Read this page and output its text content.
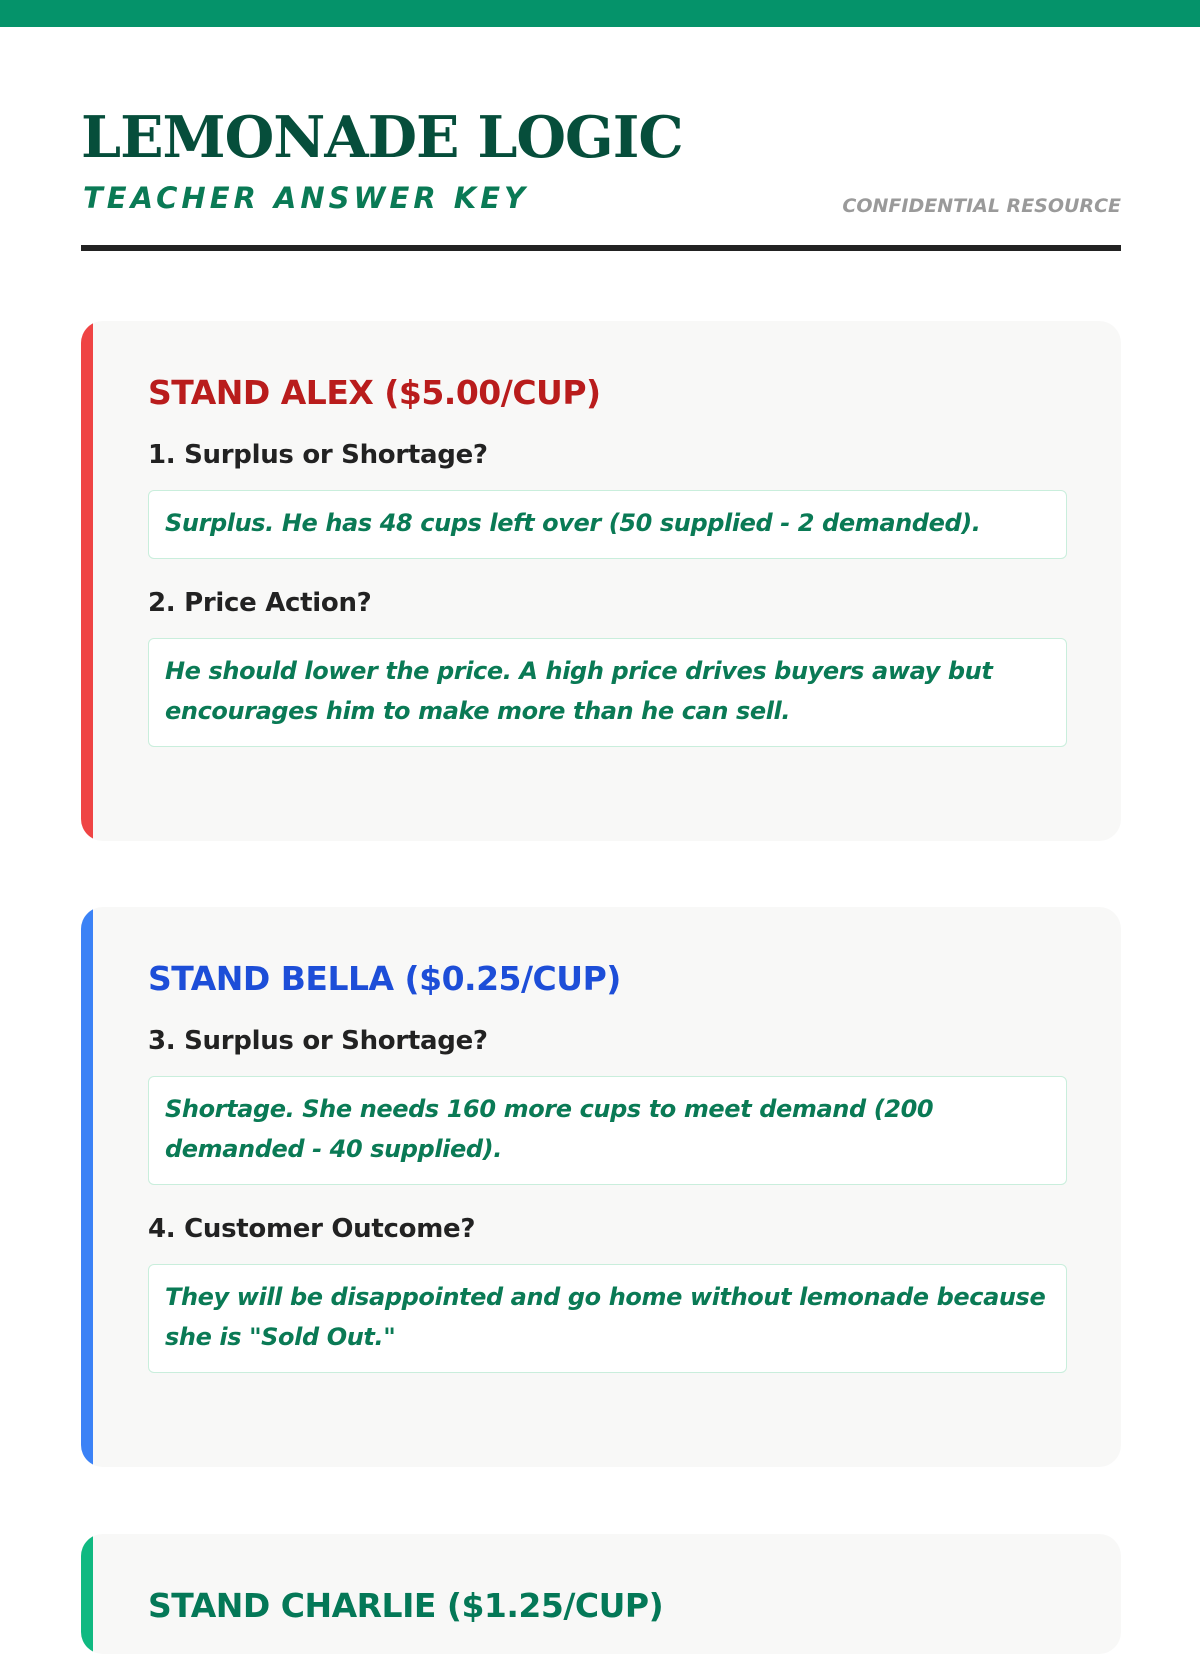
LEMONADE LOGIC
TEACHER ANSWER KEY	CONFIDENTIAL RESOURCE
STAND ALEX ($5.00/CUP)
1. Surplus or Shortage?
Surplus. He has 48 cups left over (50 supplied - 2 demanded).
2. Price Action?
He should lower the price. A high price drives buyers away but encourages him to make more than he can sell.
STAND BELLA ($0.25/CUP)
3. Surplus or Shortage?
Shortage. She needs 160 more cups to meet demand (200 demanded - 40 supplied).
4. Customer Outcome?
They will be disappointed and go home without lemonade because she is "Sold Out."
STAND CHARLIE ($1.25/CUP)
